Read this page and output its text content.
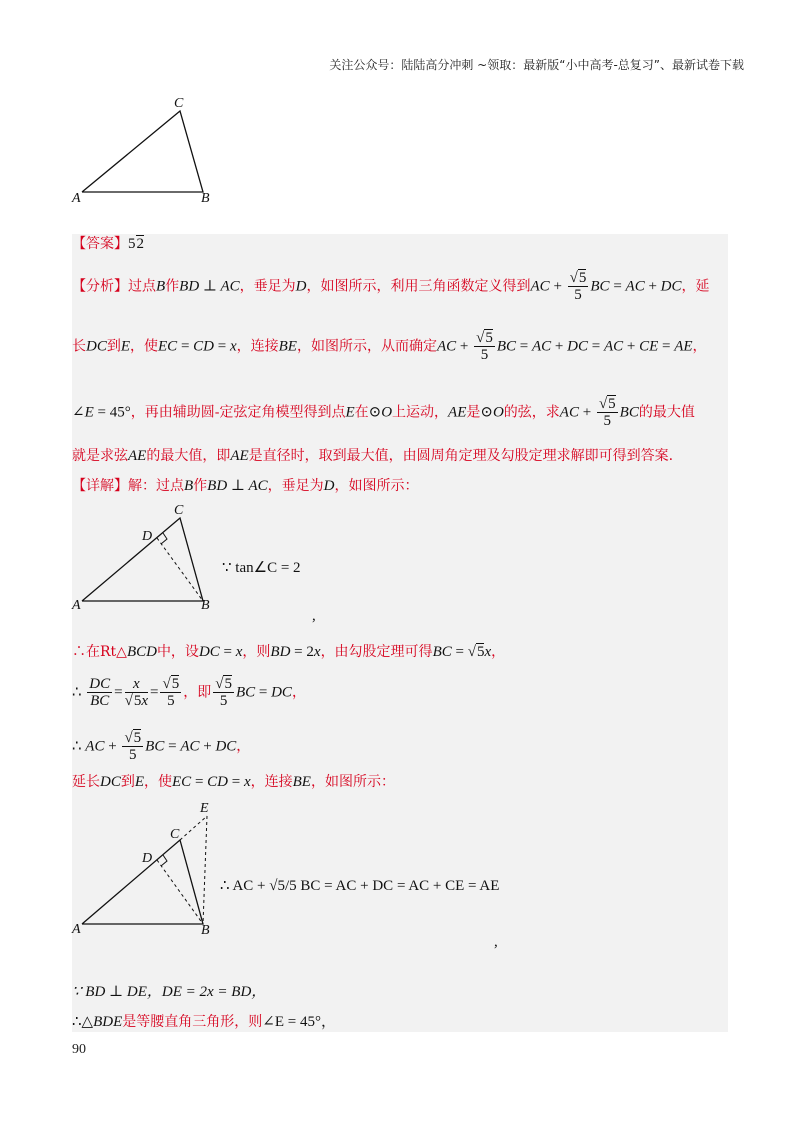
关注公众号：陆陆高分冲刺 ~领取：最新版“小中高考-总复习”、最新试卷下载
A	B
C
【答案】52
【分析】过点B作BD ⊥ AC，垂足为D，如图所示，利用三角函数定义得到AC + $\frac{√5}{5}$ BC = AC + DC，延
长DC到E，使EC = CD = x，连接BE，如图所示，从而确定AC + $\frac{√5}{5}$ BC = AC + DC = AC + CE = AE，
∠E = 45°，再由辅助圆-定弦定角模型得到点E在⊙O上运动，AE是⊙O的弦，求AC + $\frac{√5}{5}$ BC的最大值
就是求弦AE的最大值，即AE是直径时，取到最大值，由圆周角定理及勾股定理求解即可得到答案.
【详解】解：过点B作BD ⊥ AC，垂足为D，如图所示：
A	B
C
D
∵ tan∠C = 2
,
∴在Rt△BCD中，设DC = x，则BD = 2x，由勾股定理可得BC = √5x，
∴ $\frac{DC}{BC} = \frac{x}{√5x} = \frac{√5}{5}$ ，即 $\frac{√5}{5}$ BC = DC，
∴ AC + $\frac{√5}{5}$ BC = AC + DC，
延长DC到E，使EC = CD = x，连接BE，如图所示：
A	B
C
D
E
∴ AC + √5/5 BC = AC + DC = AC + CE = AE
,
∵ BD ⊥ DE，DE = 2x = BD，
∴△BDE是等腰直角三角形，则∠E = 45°，
90
